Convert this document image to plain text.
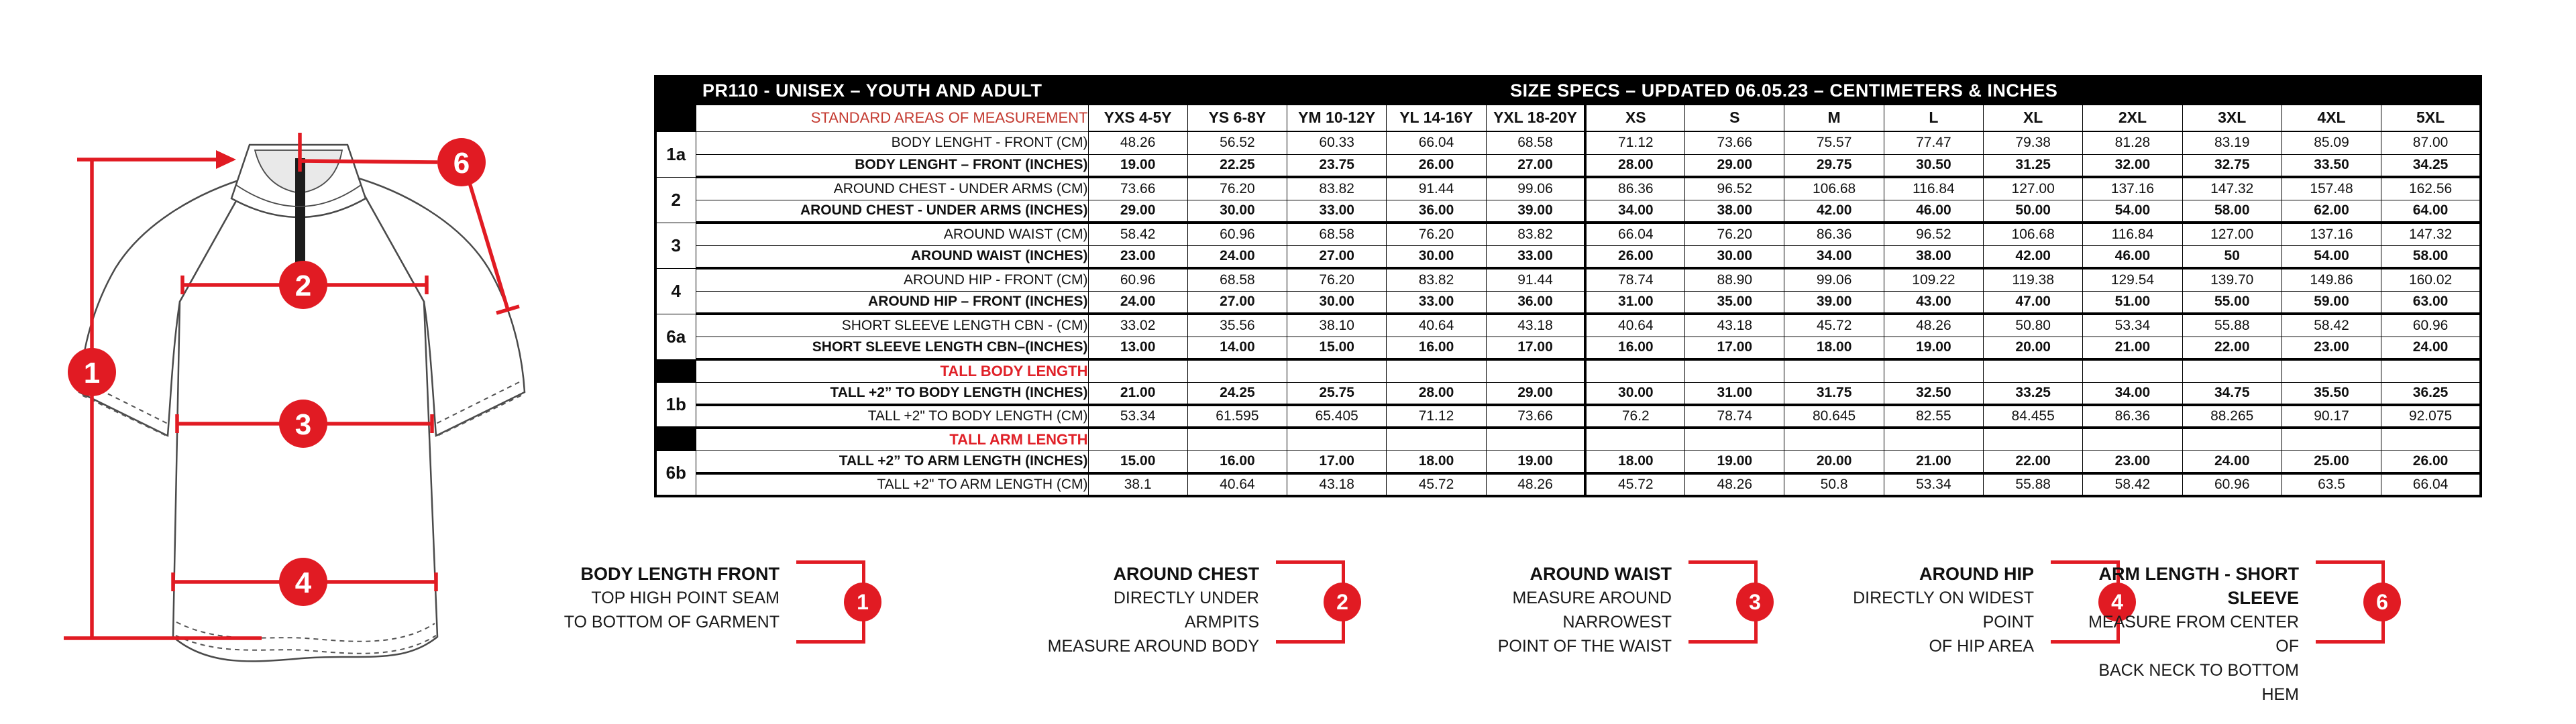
1
2
3
4
6
PR110 - UNISEX – YOUTH AND ADULT		SIZE SPECS – UPDATED 06.05.23 – CENTIMETERS & INCHES													
	STANDARD AREAS OF MEASUREMENT	YXS 4-5Y	YS 6-8Y	YM 10-12Y	YL 14-16Y	YXL 18-20Y	XS	S	M	L	XL	2XL	3XL	4XL	5XL
1a	BODY LENGHT - FRONT (CM)	48.26	56.52	60.33	66.04	68.58	71.12	73.66	75.57	77.47	79.38	81.28	83.19	85.09	87.00
	BODY LENGHT – FRONT (INCHES)	19.00	22.25	23.75	26.00	27.00	28.00	29.00	29.75	30.50	31.25	32.00	32.75	33.50	34.25
2	AROUND CHEST - UNDER ARMS (CM)	73.66	76.20	83.82	91.44	99.06	86.36	96.52	106.68	116.84	127.00	137.16	147.32	157.48	162.56
	AROUND CHEST - UNDER ARMS (INCHES)	29.00	30.00	33.00	36.00	39.00	34.00	38.00	42.00	46.00	50.00	54.00	58.00	62.00	64.00
3	AROUND WAIST (CM)	58.42	60.96	68.58	76.20	83.82	66.04	76.20	86.36	96.52	106.68	116.84	127.00	137.16	147.32
	AROUND WAIST (INCHES)	23.00	24.00	27.00	30.00	33.00	26.00	30.00	34.00	38.00	42.00	46.00	50	54.00	58.00
4	AROUND HIP - FRONT (CM)	60.96	68.58	76.20	83.82	91.44	78.74	88.90	99.06	109.22	119.38	129.54	139.70	149.86	160.02
	AROUND HIP – FRONT (INCHES)	24.00	27.00	30.00	33.00	36.00	31.00	35.00	39.00	43.00	47.00	51.00	55.00	59.00	63.00
6a	SHORT SLEEVE LENGTH CBN - (CM)	33.02	35.56	38.10	40.64	43.18	40.64	43.18	45.72	48.26	50.80	53.34	55.88	58.42	60.96
	SHORT SLEEVE LENGTH CBN–(INCHES)	13.00	14.00	15.00	16.00	17.00	16.00	17.00	18.00	19.00	20.00	21.00	22.00	23.00	24.00
	TALL BODY LENGTH														
1b	TALL +2” TO BODY LENGTH (INCHES)	21.00	24.25	25.75	28.00	29.00	30.00	31.00	31.75	32.50	33.25	34.00	34.75	35.50	36.25
	TALL +2" TO BODY LENGTH (CM)	53.34	61.595	65.405	71.12	73.66	76.2	78.74	80.645	82.55	84.455	86.36	88.265	90.17	92.075
	TALL ARM LENGTH														
6b	TALL +2” TO ARM LENGTH (INCHES)	15.00	16.00	17.00	18.00	19.00	18.00	19.00	20.00	21.00	22.00	23.00	24.00	25.00	26.00
	TALL +2" TO ARM LENGTH (CM)	38.1	40.64	43.18	45.72	48.26	45.72	48.26	50.8	53.34	55.88	58.42	60.96	63.5	66.04
BODY LENGTH FRONT
TOP HIGH POINT SEAM
TO BOTTOM OF GARMENT
1
AROUND CHEST
DIRECTLY UNDER ARMPITS
MEASURE AROUND BODY
2
AROUND WAIST
MEASURE AROUND NARROWEST
POINT OF THE WAIST
3
AROUND HIP
DIRECTLY ON WIDEST POINT
OF HIP AREA
4
ARM LENGTH - SHORT SLEEVE
MEASURE FROM CENTER OF
BACK NECK TO BOTTOM HEM
6
